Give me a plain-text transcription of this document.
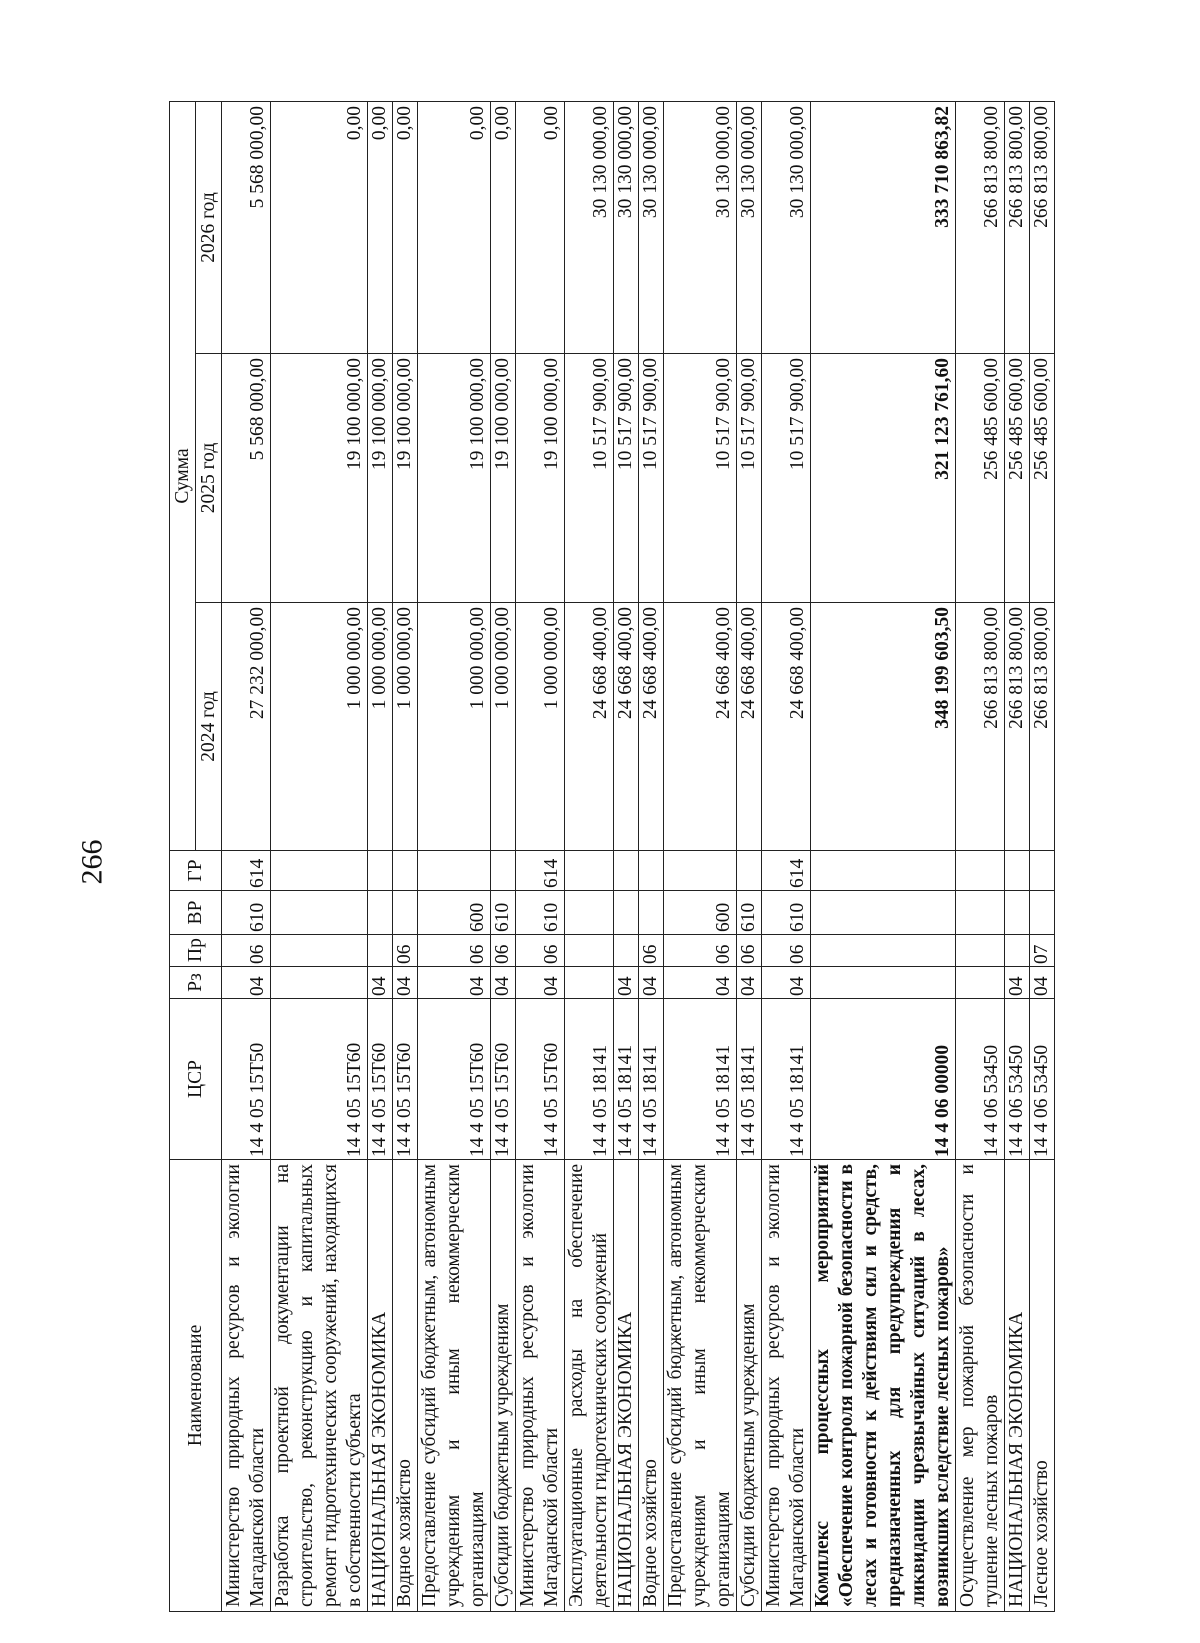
266
Наименование	ЦСР	Рз	Пр	ВР	ГР	Сумма		
						2024 год	2025 год	2026 год
Министерство природных ресурсов и экологии Магаданской области	14 4 05 15Т50	04	06	610	614	27 232 000,00	5 568 000,00	5 568 000,00
Разработка проектной документации на строительство, реконструкцию и капитальных ремонт гидротехнических сооружений, находящихся в собственности субъекта	14 4 05 15Т60					1 000 000,00	19 100 000,00	0,00
НАЦИОНАЛЬНАЯ ЭКОНОМИКА	14 4 05 15Т60	04				1 000 000,00	19 100 000,00	0,00
Водное хозяйство	14 4 05 15Т60	04	06			1 000 000,00	19 100 000,00	0,00
Предоставление субсидий бюджетным, автономным учреждениям и иным некоммерческим организациям	14 4 05 15Т60	04	06	600		1 000 000,00	19 100 000,00	0,00
Субсидии бюджетным учреждениям	14 4 05 15Т60	04	06	610		1 000 000,00	19 100 000,00	0,00
Министерство природных ресурсов и экологии Магаданской области	14 4 05 15Т60	04	06	610	614	1 000 000,00	19 100 000,00	0,00
Эксплуатационные расходы на обеспечение деятельности гидротехнических сооружений	14 4 05 18141					24 668 400,00	10 517 900,00	30 130 000,00
НАЦИОНАЛЬНАЯ ЭКОНОМИКА	14 4 05 18141	04				24 668 400,00	10 517 900,00	30 130 000,00
Водное хозяйство	14 4 05 18141	04	06			24 668 400,00	10 517 900,00	30 130 000,00
Предоставление субсидий бюджетным, автономным учреждениям и иным некоммерческим организациям	14 4 05 18141	04	06	600		24 668 400,00	10 517 900,00	30 130 000,00
Субсидии бюджетным учреждениям	14 4 05 18141	04	06	610		24 668 400,00	10 517 900,00	30 130 000,00
Министерство природных ресурсов и экологии Магаданской области	14 4 05 18141	04	06	610	614	24 668 400,00	10 517 900,00	30 130 000,00
Комплекс процессных мероприятий «Обеспечение контроля пожарной безопасности в лесах и готовности к действиям сил и средств, предназначенных для предупреждения и ликвидации чрезвычайных ситуаций в лесах, возникших вследствие лесных пожаров»	14 4 06 00000					348 199 603,50	321 123 761,60	333 710 863,82
Осуществление мер пожарной безопасности и тушение лесных пожаров	14 4 06 53450					266 813 800,00	256 485 600,00	266 813 800,00
НАЦИОНАЛЬНАЯ ЭКОНОМИКА	14 4 06 53450	04				266 813 800,00	256 485 600,00	266 813 800,00
Лесное хозяйство	14 4 06 53450	04	07			266 813 800,00	256 485 600,00	266 813 800,00
